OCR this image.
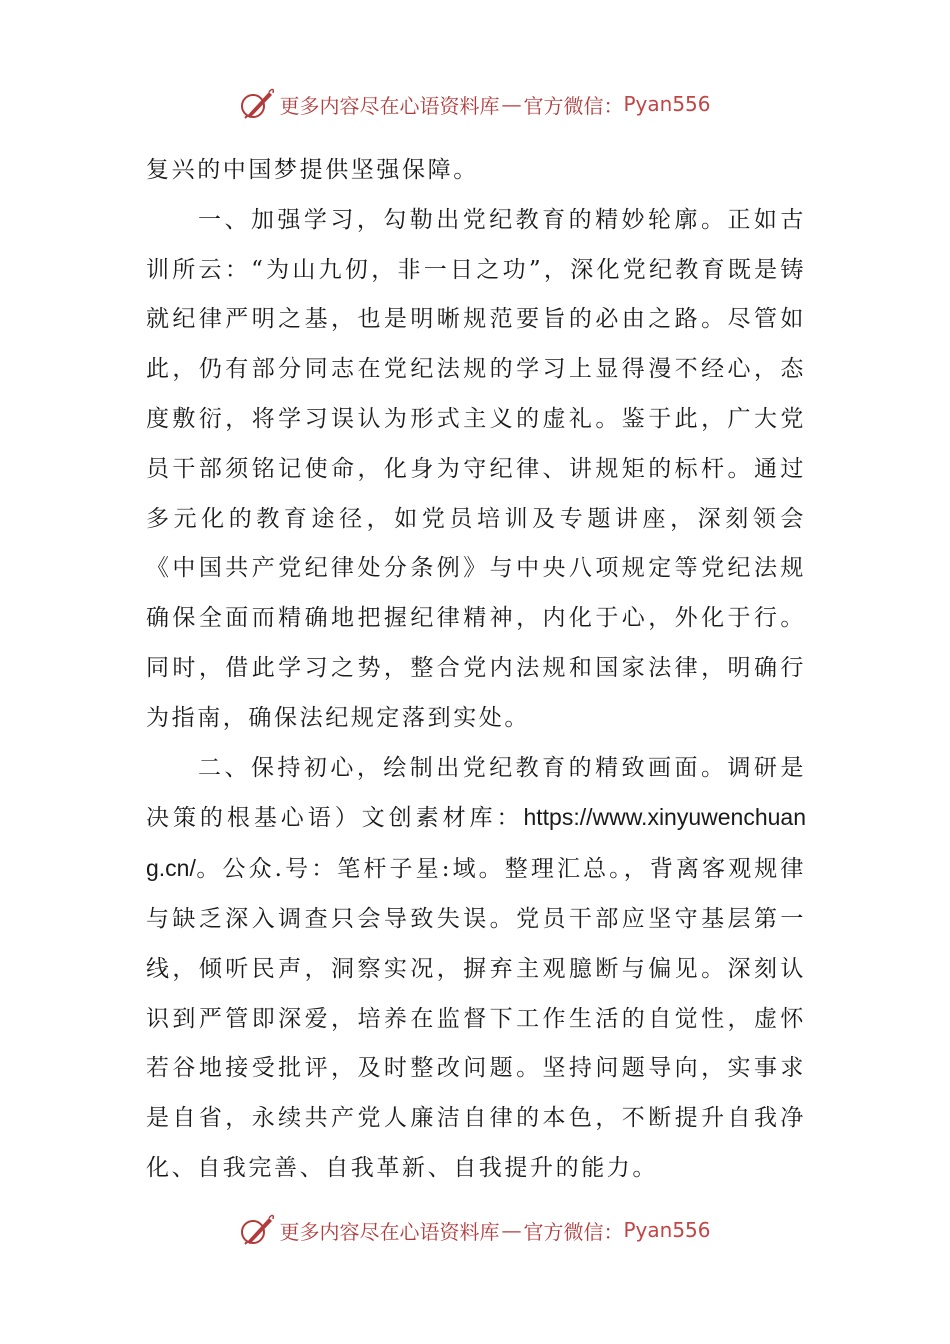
更多内容尽在心语资料库 — 官方微信： Pyan556

复兴的中国梦提供坚强保障。

一、加强学习，勾勒出党纪教育的精妙轮廓。正如古训所云：“为山九仞，非一日之功”，深化党纪教育既是铸就纪律严明之基，也是明晰规范要旨的必由之路。尽管如此，仍有部分同志在党纪法规的学习上显得漫不经心，态度敷衍，将学习误认为形式主义的虚礼。鉴于此，广大党员干部须铭记使命，化身为守纪律、讲规矩的标杆。通过多元化的教育途径，如党员培训及专题讲座，深刻领会《中国共产党纪律处分条例》与中央八项规定等党纪法规确保全面而精确地把握纪律精神，内化于心，外化于行。同时，借此学习之势，整合党内法规和国家法律，明确行为指南，确保法纪规定落到实处。

二、保持初心，绘制出党纪教育的精致画面。调研是决策的根基心语）文创素材库：https://www.xinyuwenchuang.cn/。公众.号：笔杆子星:域。整理汇总。，背离客观规律与缺乏深入调查只会导致失误。党员干部应坚守基层第一线，倾听民声，洞察实况，摒弃主观臆断与偏见。深刻认识到严管即深爱，培养在监督下工作生活的自觉性，虚怀若谷地接受批评，及时整改问题。坚持问题导向，实事求是自省，永续共产党人廉洁自律的本色，不断提升自我净化、自我完善、自我革新、自我提升的能力。

更多内容尽在心语资料库 — 官方微信： Pyan556
